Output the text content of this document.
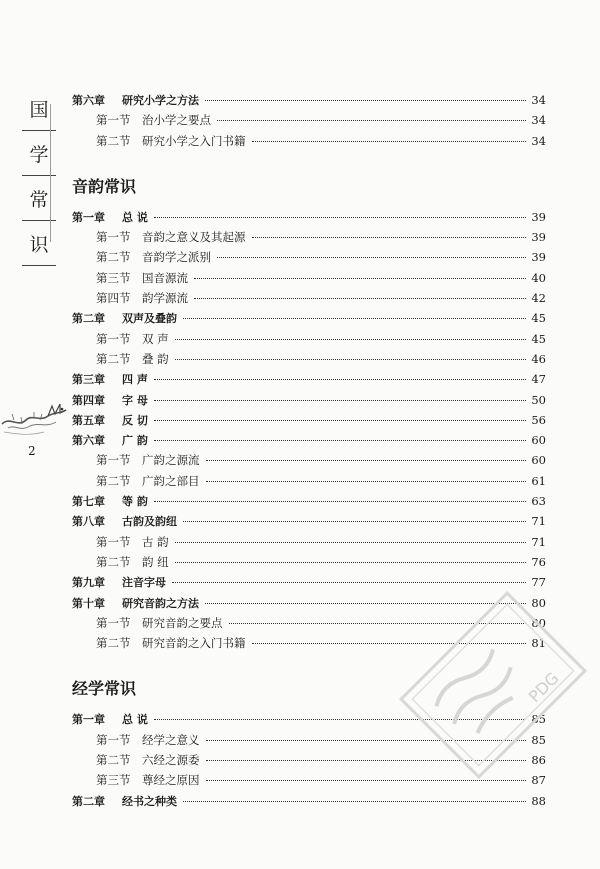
国
学
常
识
2
第六章	研究小学之方法	34
第一节	治小学之要点	34
第二节	研究小学之入门书籍	34
音韵常识
第一章	总 说	39
第一节	音韵之意义及其起源	39
第二节	音韵学之派别	39
第三节	国音源流	40
第四节	韵学源流	42
第二章	双声及叠韵	45
第一节	双 声	45
第二节	叠 韵	46
第三章	四 声	47
第四章	字 母	50
第五章	反 切	56
第六章	广 韵	60
第一节	广韵之源流	60
第二节	广韵之部目	61
第七章	等 韵	63
第八章	古韵及韵纽	71
第一节	古 韵	71
第二节	韵 纽	76
第九章	注音字母	77
第十章	研究音韵之方法	80
第一节	研究音韵之要点	80
第二节	研究音韵之入门书籍	81
经学常识
第一章	总 说	85
第一节	经学之意义	85
第二节	六经之源委	86
第三节	尊经之原因	87
第二章	经书之种类	88
PDG
